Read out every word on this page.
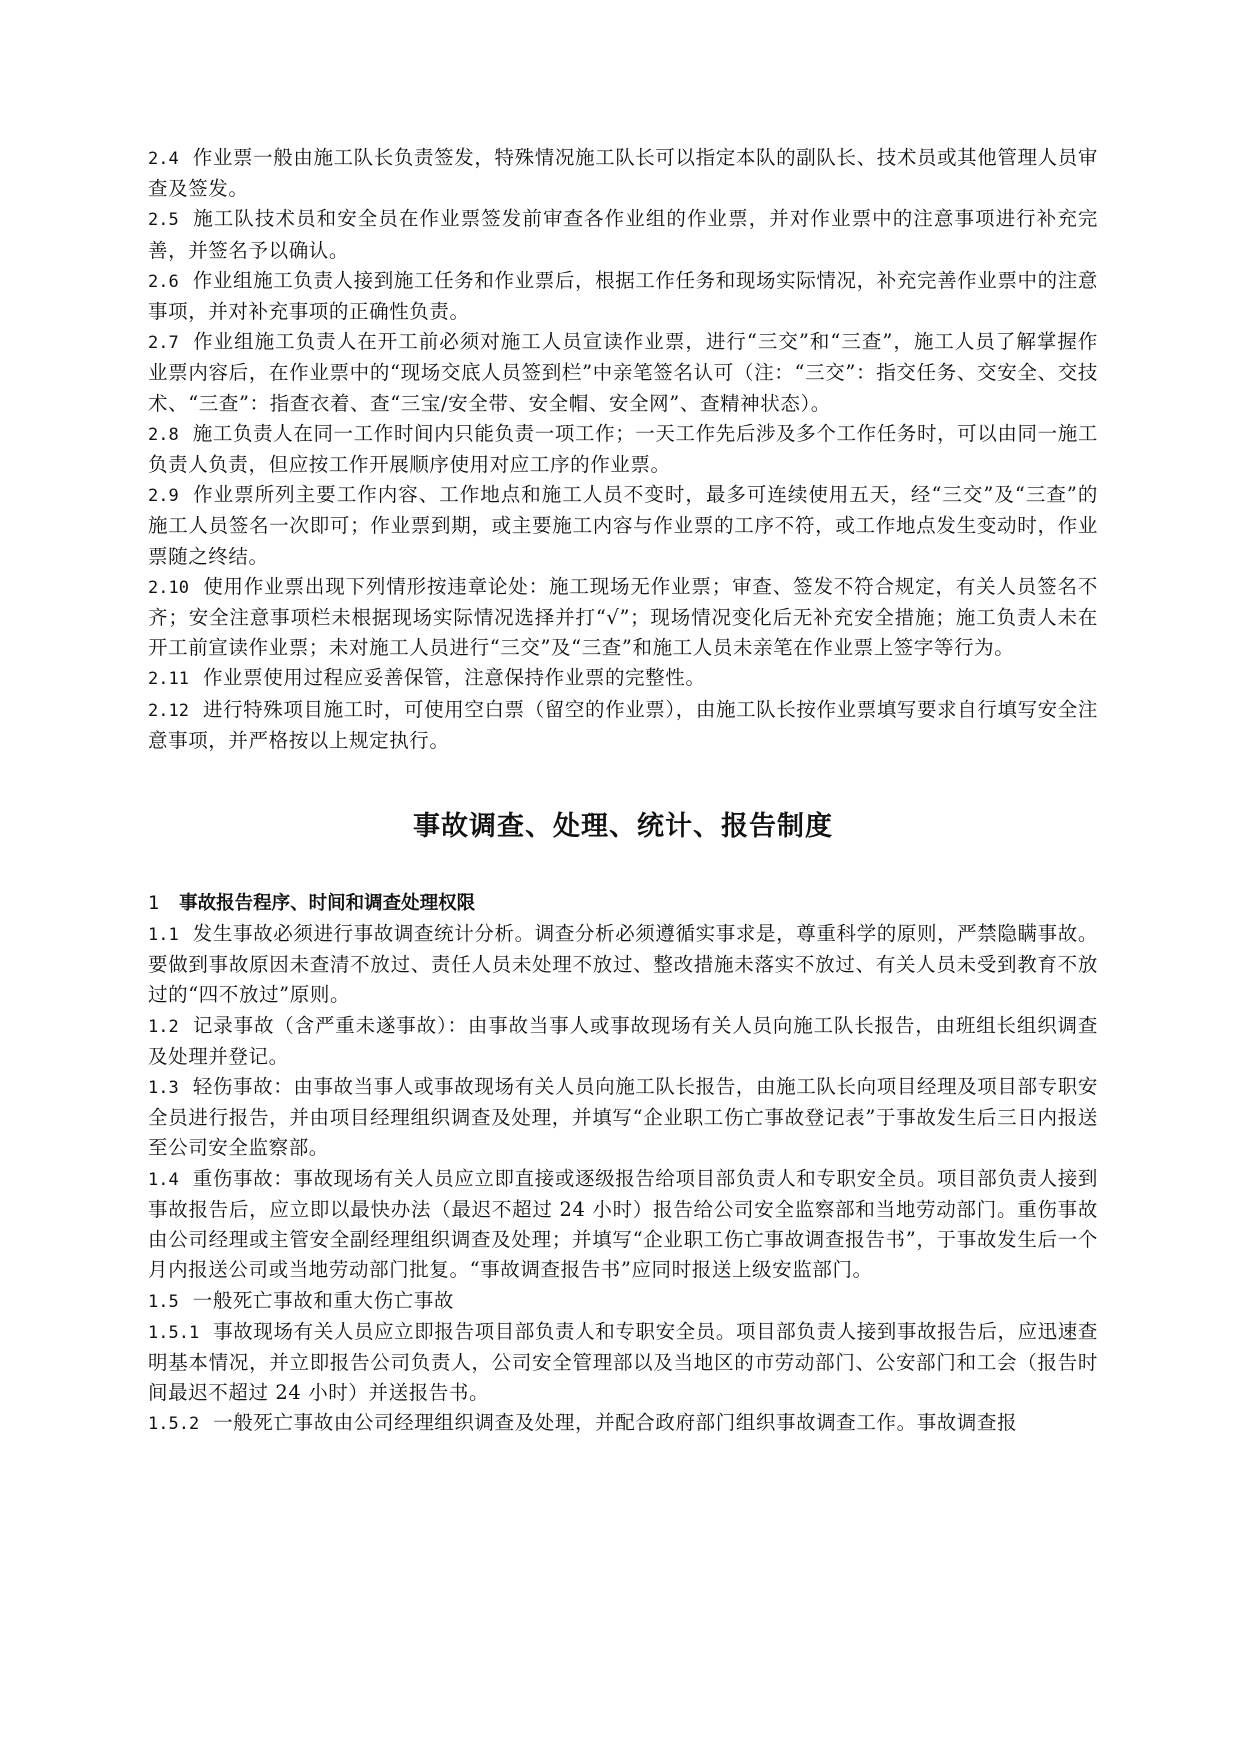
2.4 作业票一般由施工队长负责签发，特殊情况施工队长可以指定本队的副队长、技术员或其他管理人员审查及签发。

2.5 施工队技术员和安全员在作业票签发前审查各作业组的作业票，并对作业票中的注意事项进行补充完善，并签名予以确认。

2.6 作业组施工负责人接到施工任务和作业票后，根据工作任务和现场实际情况，补充完善作业票中的注意事项，并对补充事项的正确性负责。

2.7 作业组施工负责人在开工前必须对施工人员宣读作业票，进行“三交”和“三查”，施工人员了解掌握作业票内容后，在作业票中的“现场交底人员签到栏”中亲笔签名认可（注：“三交”：指交任务、交安全、交技术、“三查”：指查衣着、查“三宝/安全带、安全帽、安全网”、查精神状态）。

2.8 施工负责人在同一工作时间内只能负责一项工作；一天工作先后涉及多个工作任务时，可以由同一施工负责人负责，但应按工作开展顺序使用对应工序的作业票。

2.9 作业票所列主要工作内容、工作地点和施工人员不变时，最多可连续使用五天，经“三交”及“三查”的施工人员签名一次即可；作业票到期，或主要施工内容与作业票的工序不符，或工作地点发生变动时，作业票随之终结。

2.10 使用作业票出现下列情形按违章论处：施工现场无作业票；审查、签发不符合规定，有关人员签名不齐；安全注意事项栏未根据现场实际情况选择并打“√”；现场情况变化后无补充安全措施；施工负责人未在开工前宣读作业票；未对施工人员进行“三交”及“三查”和施工人员未亲笔在作业票上签字等行为。

2.11 作业票使用过程应妥善保管，注意保持作业票的完整性。

2.12 进行特殊项目施工时，可使用空白票（留空的作业票），由施工队长按作业票填写要求自行填写安全注意事项，并严格按以上规定执行。

事故调查、处理、统计、报告制度

1 事故报告程序、时间和调查处理权限

1.1 发生事故必须进行事故调查统计分析。调查分析必须遵循实事求是，尊重科学的原则，严禁隐瞒事故。要做到事故原因未查清不放过、责任人员未处理不放过、整改措施未落实不放过、有关人员未受到教育不放过的“四不放过”原则。

1.2 记录事故（含严重未遂事故）：由事故当事人或事故现场有关人员向施工队长报告，由班组长组织调查及处理并登记。

1.3 轻伤事故：由事故当事人或事故现场有关人员向施工队长报告，由施工队长向项目经理及项目部专职安全员进行报告，并由项目经理组织调查及处理，并填写“企业职工伤亡事故登记表”于事故发生后三日内报送至公司安全监察部。

1.4 重伤事故：事故现场有关人员应立即直接或逐级报告给项目部负责人和专职安全员。项目部负责人接到事故报告后，应立即以最快办法（最迟不超过 24 小时）报告给公司安全监察部和当地劳动部门。重伤事故由公司经理或主管安全副经理组织调查及处理；并填写“企业职工伤亡事故调查报告书”，于事故发生后一个月内报送公司或当地劳动部门批复。“事故调查报告书”应同时报送上级安监部门。

1.5 一般死亡事故和重大伤亡事故

1.5.1 事故现场有关人员应立即报告项目部负责人和专职安全员。项目部负责人接到事故报告后，应迅速查明基本情况，并立即报告公司负责人，公司安全管理部以及当地区的市劳动部门、公安部门和工会（报告时间最迟不超过 24 小时）并送报告书。

1.5.2 一般死亡事故由公司经理组织调查及处理，并配合政府部门组织事故调查工作。事故调查报
